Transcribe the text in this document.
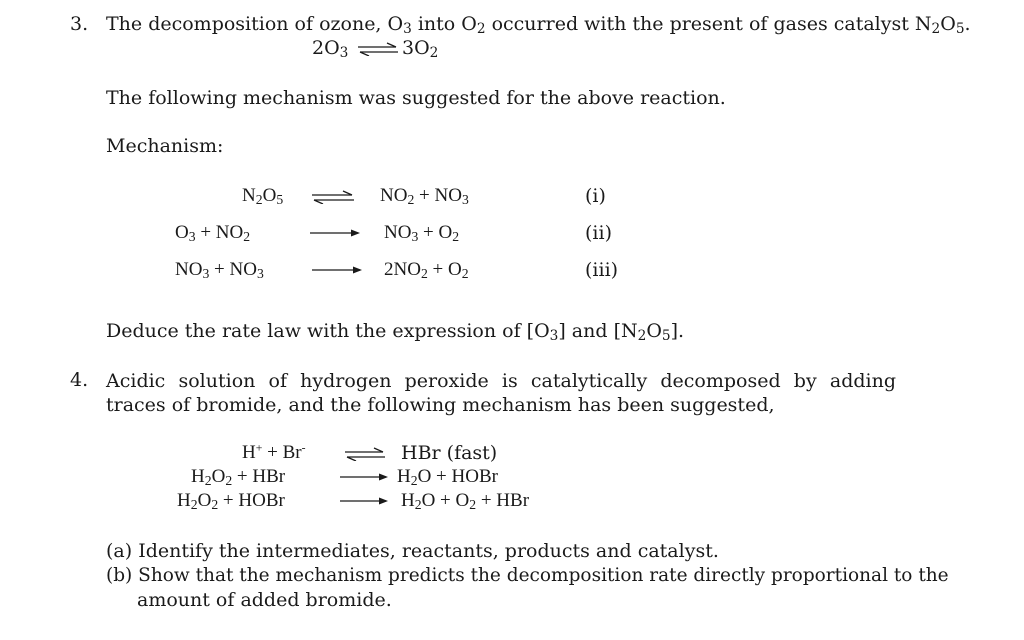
3. The decomposition of ozone, $O_3$ into $O_2$ occurred with the present of gases catalyst $N_2O_5$.
$2O_3$ ⇌ $3O_2$
The following mechanism was suggested for the above reaction.
Mechanism:
$N_2O_5$ ⇌ $NO_2 + NO_3$	(i)
$O_3 + NO_2$	$NO_3 + O_2$	(ii)
$NO_3 + NO_3$	$2NO_2 + O_2$	(iii)
Deduce the rate law with the expression of $[O_3]$ and $[N_2O_5]$.
4. Acidic solution of hydrogen peroxide is catalytically decomposed by adding traces of bromide, and the following mechanism has been suggested,
H+ + Br- ⇌ HBr (fast)
$H_2O_2$ + HBr	$H_2O$ + HOBr
$H_2O_2$ + HOBr	$H_2O + O_2$ + HBr
(a) Identify the intermediates, reactants, products and catalyst.
(b) Show that the mechanism predicts the decomposition rate directly proportional to the
amount of added bromide.
